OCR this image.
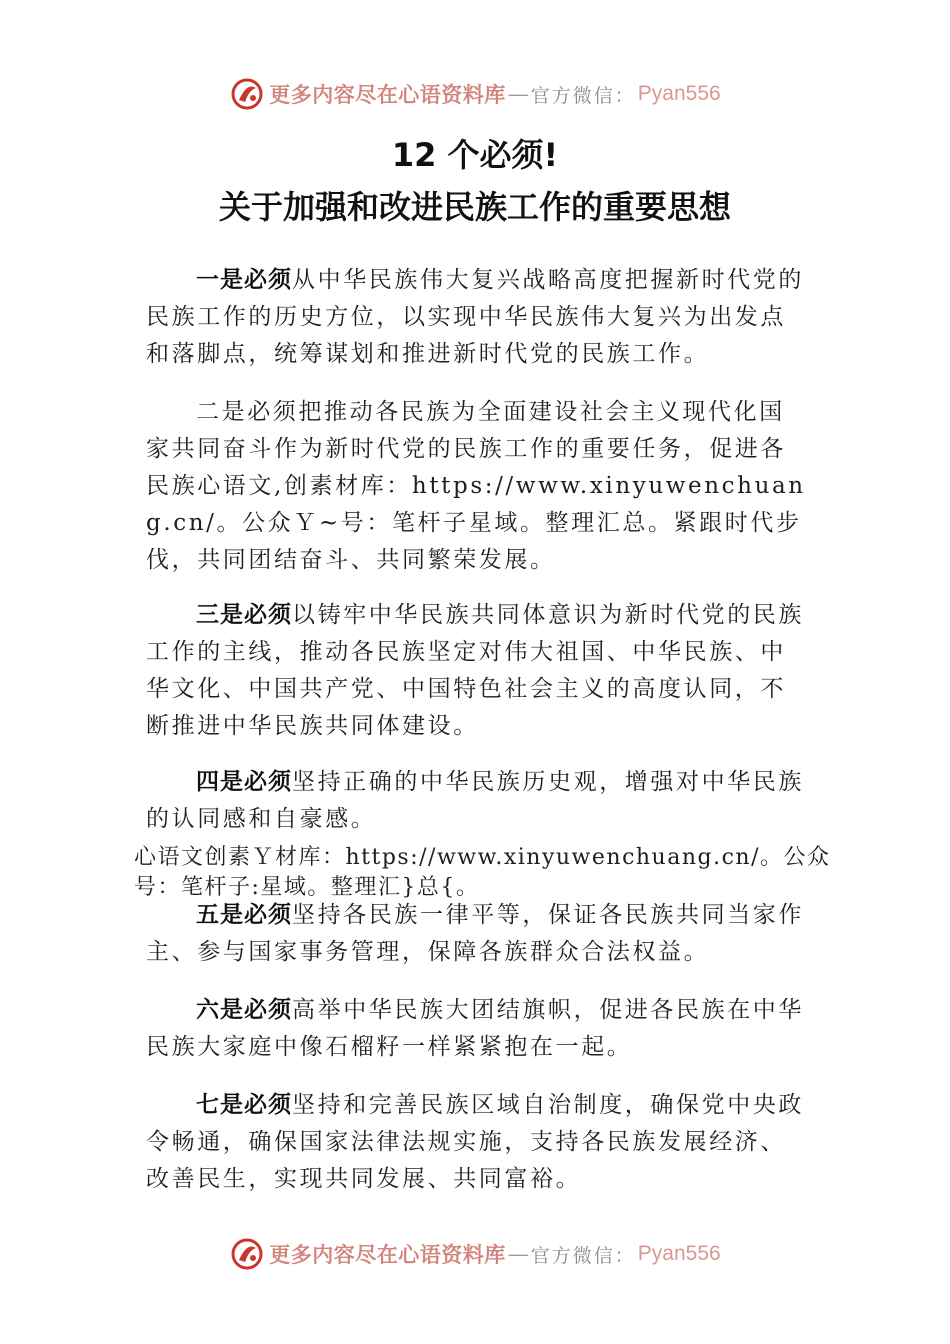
更多内容尽在心语资料库 — 官方微信： Pyan556
12 个必须!
关于加强和改进民族工作的重要思想

一是必须从中华民族伟大复兴战略高度把握新时代党的民族工作的历史方位，以实现中华民族伟大复兴为出发点和落脚点，统筹谋划和推进新时代党的民族工作。

二是必须把推动各民族为全面建设社会主义现代化国家共同奋斗作为新时代党的民族工作的重要任务，促进各民族心语文,创素材库：https://www.xinyuwenchuang.cn/。公众Ｙ~号：笔杆子星域。整理汇总。紧跟时代步伐，共同团结奋斗、共同繁荣发展。

三是必须以铸牢中华民族共同体意识为新时代党的民族工作的主线，推动各民族坚定对伟大祖国、中华民族、中华文化、中国共产党、中国特色社会主义的高度认同，不断推进中华民族共同体建设。

四是必须坚持正确的中华民族历史观，增强对中华民族的认同感和自豪感。

心语文创素Ｙ材库：https://www.xinyuwenchuang.cn/。公众号：笔杆子:星域。整理汇}总{。

五是必须坚持各民族一律平等，保证各民族共同当家作主、参与国家事务管理，保障各族群众合法权益。

六是必须高举中华民族大团结旗帜，促进各民族在中华民族大家庭中像石榴籽一样紧紧抱在一起。

七是必须坚持和完善民族区域自治制度，确保党中央政令畅通，确保国家法律法规实施，支持各民族发展经济、改善民生，实现共同发展、共同富裕。

更多内容尽在心语资料库 — 官方微信： Pyan556
